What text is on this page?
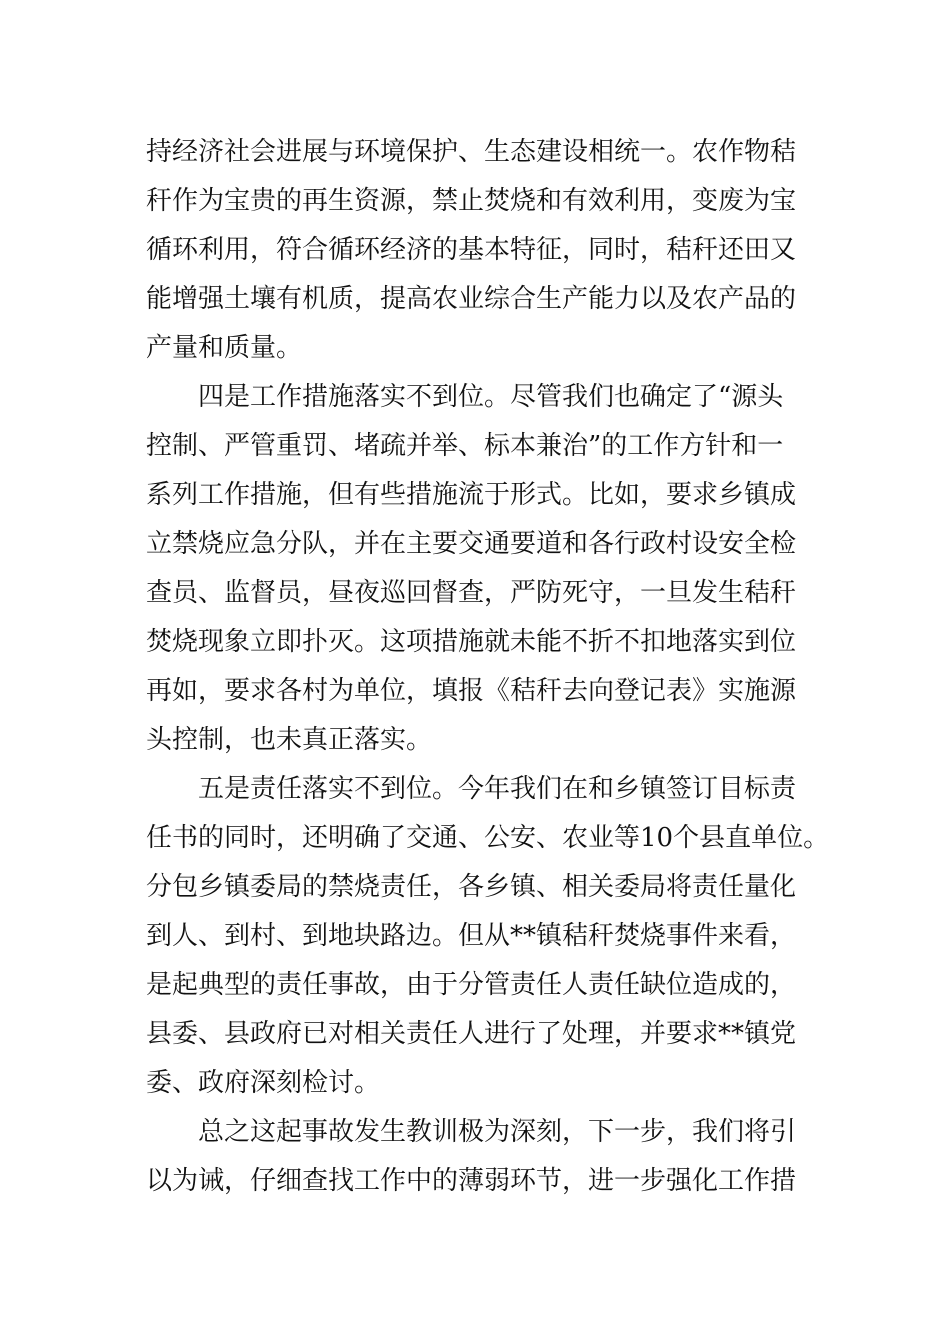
持经济社会进展与环境保护、生态建设相统一。农作物秸
秆作为宝贵的再生资源，禁止焚烧和有效利用，变废为宝
循环利用，符合循环经济的基本特征，同时，秸秆还田又
能增强土壤有机质，提高农业综合生产能力以及农产品的
产量和质量。
　　四是工作措施落实不到位。尽管我们也确定了“源头
控制、严管重罚、堵疏并举、标本兼治”的工作方针和一
系列工作措施，但有些措施流于形式。比如，要求乡镇成
立禁烧应急分队，并在主要交通要道和各行政村设安全检
查员、监督员，昼夜巡回督查，严防死守，一旦发生秸秆
焚烧现象立即扑灭。这项措施就未能不折不扣地落实到位
再如，要求各村为单位，填报《秸秆去向登记表》实施源
头控制，也未真正落实。
　　五是责任落实不到位。今年我们在和乡镇签订目标责
任书的同时，还明确了交通、公安、农业等10个县直单位。
分包乡镇委局的禁烧责任，各乡镇、相关委局将责任量化
到人、到村、到地块路边。但从**镇秸秆焚烧事件来看，
是起典型的责任事故，由于分管责任人责任缺位造成的，
县委、县政府已对相关责任人进行了处理，并要求**镇党
委、政府深刻检讨。
　　总之这起事故发生教训极为深刻，下一步，我们将引
以为诫，仔细查找工作中的薄弱环节，进一步强化工作措
